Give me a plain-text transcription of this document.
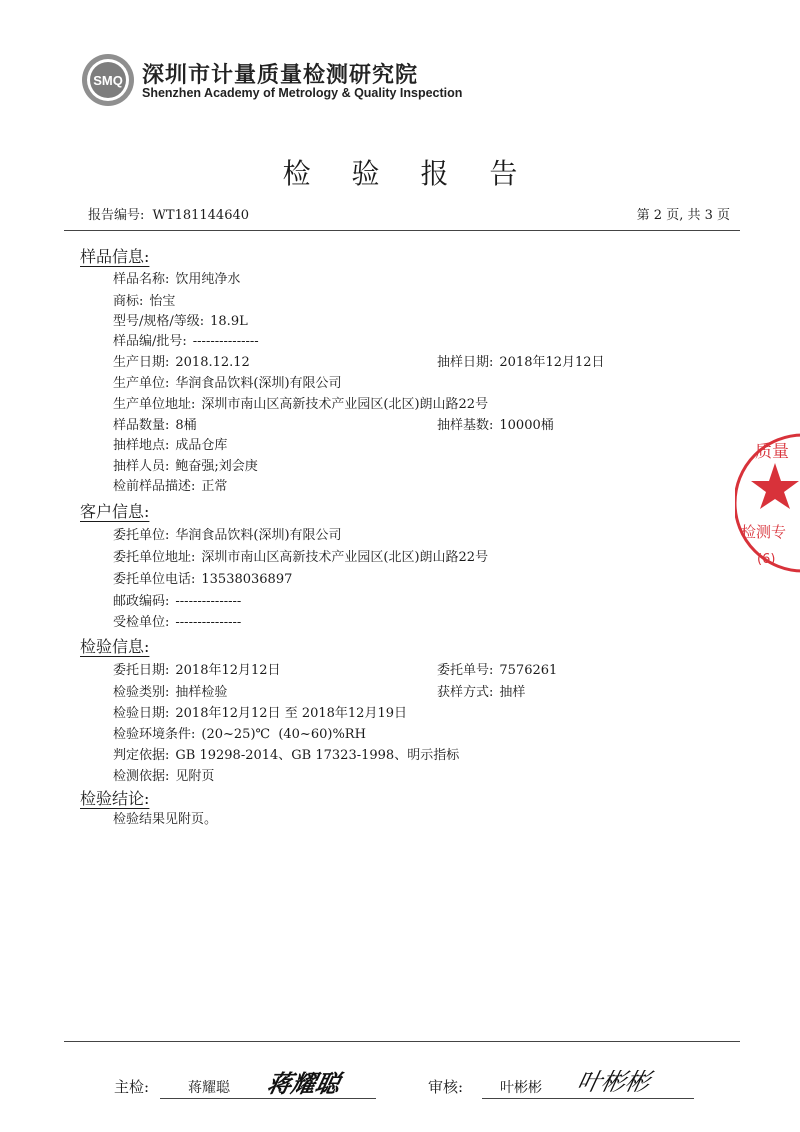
SMQ 深圳市计量质量检测研究院
Shenzhen Academy of Metrology & Quality Inspection
检 验 报 告
报告编号: WT181144640	第 2 页, 共 3 页
样品信息:
样品名称: 饮用纯净水
商标: 怡宝
型号/规格/等级: 18.9L
样品编/批号: ---------------
生产日期: 2018.12.12	抽样日期: 2018年12月12日
生产单位: 华润食品饮料(深圳)有限公司
生产单位地址: 深圳市南山区高新技术产业园区(北区)朗山路22号
样品数量: 8桶	抽样基数: 10000桶
抽样地点: 成品仓库
抽样人员: 鲍奋强;刘会庚
检前样品描述: 正常
客户信息:
委托单位: 华润食品饮料(深圳)有限公司
委托单位地址: 深圳市南山区高新技术产业园区(北区)朗山路22号
委托单位电话: 13538036897
邮政编码: ---------------
受检单位: ---------------
检验信息:
委托日期: 2018年12月12日	委托单号: 7576261
检验类别: 抽样检验	获样方式: 抽样
检验日期: 2018年12月12日 至 2018年12月19日
检验环境条件: (20~25)℃  (40~60)%RH
判定依据: GB 19298-2014、GB 17323-1998、明示指标
检测依据: 见附页
检验结论:
检验结果见附页。
主检:	蒋耀聪 蒋耀聪	审核:	叶彬彬 叶彬彬
质量
检测专
(6)
